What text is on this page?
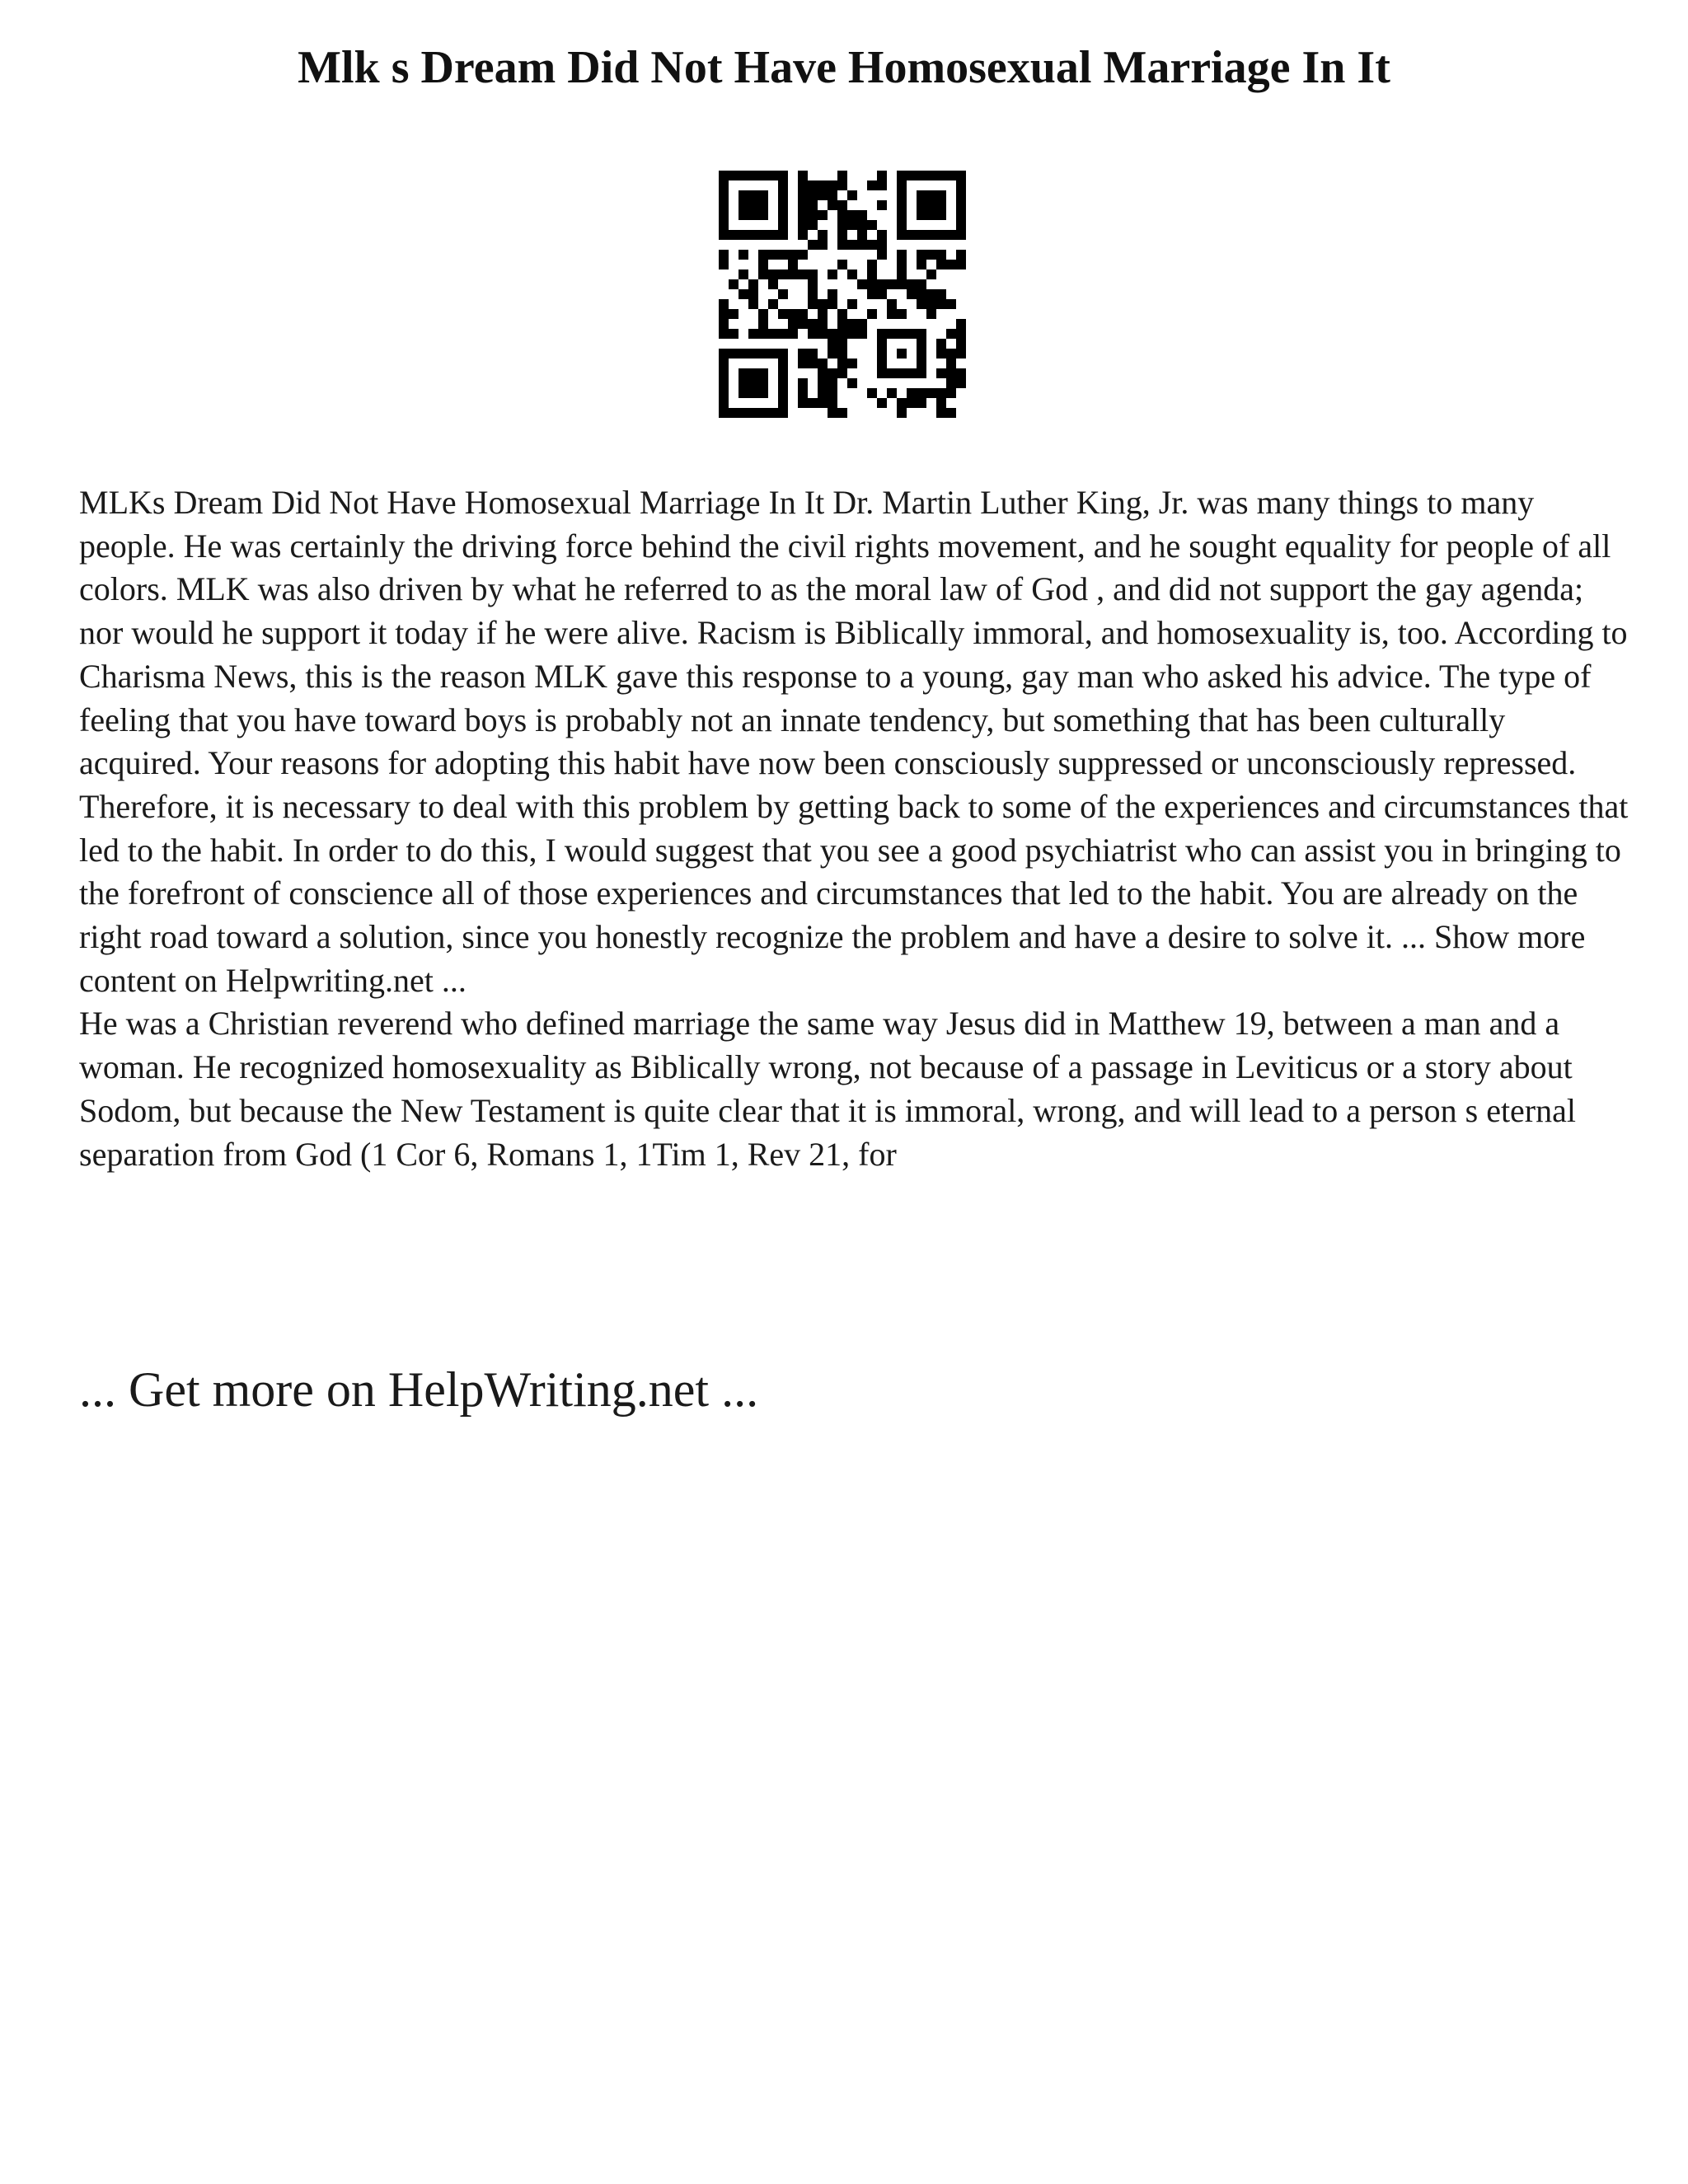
Mlk s Dream Did Not Have Homosexual Marriage In It

MLKs Dream Did Not Have Homosexual Marriage In It Dr. Martin Luther King, Jr. was many things to many people. He was certainly the driving force behind the civil rights movement, and he sought equality for people of all colors. MLK was also driven by what he referred to as the moral law of God , and did not support the gay agenda; nor would he support it today if he were alive. Racism is Biblically immoral, and homosexuality is, too. According to Charisma News, this is the reason MLK gave this response to a young, gay man who asked his advice. The type of feeling that you have toward boys is probably not an innate tendency, but something that has been culturally acquired. Your reasons for adopting this habit have now been consciously suppressed or unconsciously repressed. Therefore, it is necessary to deal with this problem by getting back to some of the experiences and circumstances that led to the habit. In order to do this, I would suggest that you see a good psychiatrist who can assist you in bringing to the forefront of conscience all of those experiences and circumstances that led to the habit. You are already on the right road toward a solution, since you honestly recognize the problem and have a desire to solve it. ... Show more content on Helpwriting.net ...

He was a Christian reverend who defined marriage the same way Jesus did in Matthew 19, between a man and a woman. He recognized homosexuality as Biblically wrong, not because of a passage in Leviticus or a story about Sodom, but because the New Testament is quite clear that it is immoral, wrong, and will lead to a person s eternal separation from God (1 Cor 6, Romans 1, 1Tim 1, Rev 21, for

... Get more on HelpWriting.net ...
